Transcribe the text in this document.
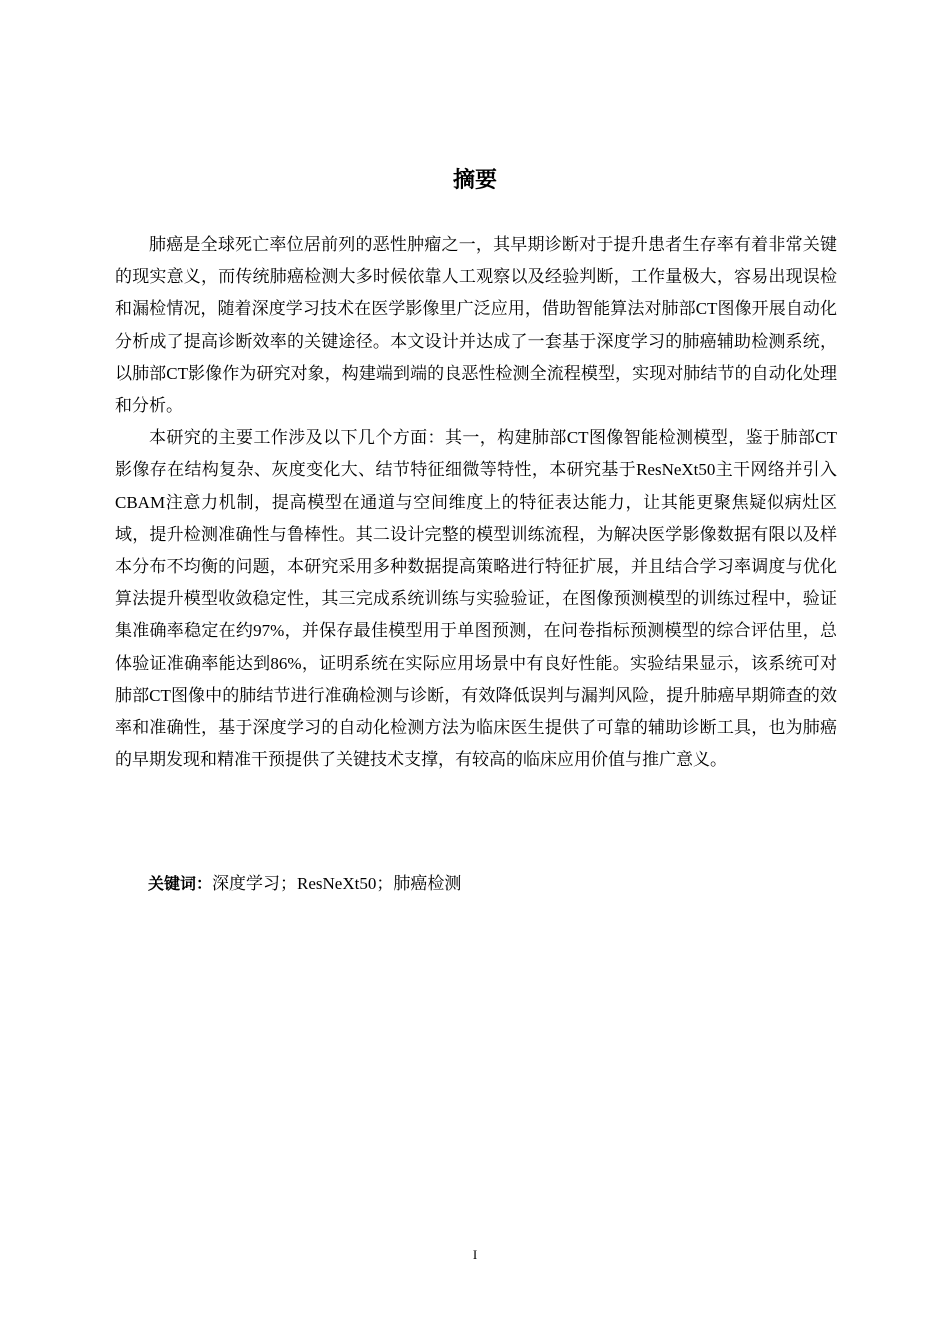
摘要

肺癌是全球死亡率位居前列的恶性肿瘤之一，其早期诊断对于提升患者生存率有着非常关键的现实意义，而传统肺癌检测大多时候依靠人工观察以及经验判断，工作量极大，容易出现误检和漏检情况，随着深度学习技术在医学影像里广泛应用，借助智能算法对肺部CT图像开展自动化分析成了提高诊断效率的关键途径。本文设计并达成了一套基于深度学习的肺癌辅助检测系统，以肺部CT影像作为研究对象，构建端到端的良恶性检测全流程模型，实现对肺结节的自动化处理和分析。

本研究的主要工作涉及以下几个方面：其一，构建肺部CT图像智能检测模型，鉴于肺部CT影像存在结构复杂、灰度变化大、结节特征细微等特性，本研究基于ResNeXt50主干网络并引入CBAM注意力机制，提高模型在通道与空间维度上的特征表达能力，让其能更聚焦疑似病灶区域，提升检测准确性与鲁棒性。其二设计完整的模型训练流程，为解决医学影像数据有限以及样本分布不均衡的问题，本研究采用多种数据提高策略进行特征扩展，并且结合学习率调度与优化算法提升模型收敛稳定性，其三完成系统训练与实验验证，在图像预测模型的训练过程中，验证集准确率稳定在约97%，并保存最佳模型用于单图预测，在问卷指标预测模型的综合评估里，总体验证准确率能达到86%，证明系统在实际应用场景中有良好性能。实验结果显示，该系统可对肺部CT图像中的肺结节进行准确检测与诊断，有效降低误判与漏判风险，提升肺癌早期筛查的效率和准确性，基于深度学习的自动化检测方法为临床医生提供了可靠的辅助诊断工具，也为肺癌的早期发现和精准干预提供了关键技术支撑，有较高的临床应用价值与推广意义。

关键词：深度学习；ResNeXt50；肺癌检测
I
